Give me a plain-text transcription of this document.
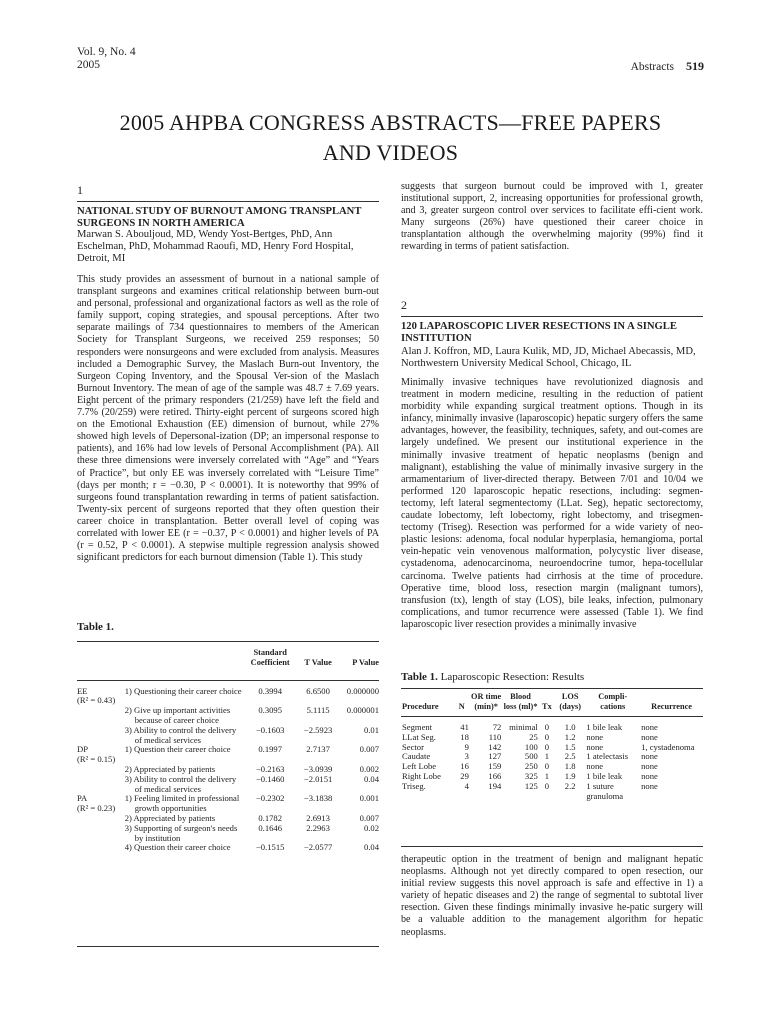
Vol. 9, No. 4
2005	Abstracts 519
2005 AHPBA CONGRESS ABSTRACTS—FREE PAPERS
AND VIDEOS
1
NATIONAL STUDY OF BURNOUT AMONG TRANSPLANT SURGEONS IN NORTH AMERICA
Marwan S. Abouljoud, MD, Wendy Yost-Bertges, PhD, Ann Eschelman, PhD, Mohammad Raoufi, MD, Henry Ford Hospital, Detroit, MI
This study provides an assessment of burnout in a national sample of transplant surgeons and examines critical relationship between burn-out and personal, professional and organizational factors as well as the role of family support, coping strategies, and spousal perceptions. After two separate mailings of 734 questionnaires to members of the American Society for Transplant Surgeons, we received 259 responses; 50 responders were nonsurgeons and were excluded from analysis. Measures included a Demographic Survey, the Maslach Burn-out Inventory, the Surgeon Coping Inventory, and the Spousal Ver-sion of the Maslach Burnout Inventory. The mean of age of the sample was 48.7 ± 7.69 years. Eight percent of the primary responders (21/259) have left the field and 7.7% (20/259) were retired. Thirty-eight percent of surgeons scored high on the Emotional Exhaustion (EE) dimension of burnout, while 27% showed high levels of Depersonal-ization (DP; an impersonal response to patients), and 16% had low levels of Personal Accomplishment (PA). All these three dimensions were inversely correlated with “Age” and “Years of Practice”, but only EE was inversely correlated with “Leisure Time” (days per month; r = −0.30, P < 0.0001). It is noteworthy that 99% of surgeons found transplantation rewarding in terms of patient satisfaction. Twenty-six percent of surgeons reported that they often question their career choice in transplantation. Better overall level of coping was correlated with lower EE (r = −0.37, P < 0.0001) and higher levels of PA (r = 0.52, P < 0.0001). A stepwise multiple regression analysis showed significant predictors for each burnout dimension (Table 1). This study
Table 1.
		Standard Coefficient	T Value	P Value

EE
(R² = 0.43)	1) Questioning their career choice	0.3994	6.6500	0.000000

	2) Give up important activities because of career choice	0.3095	5.1115	0.000001

	3) Ability to control the delivery of medical services	−0.1603	−2.5923	0.01

DP
(R² = 0.15)	1) Question their career choice	0.1997	2.7137	0.007

	2) Appreciated by patients	−0.2163	−3.0939	0.002

	3) Ability to control the delivery of medical services	−0.1460	−2.0151	0.04

PA
(R² = 0.23)	1) Feeling limited in professional growth opportunities	−0.2302	−3.1838	0.001

	2) Appreciated by patients	0.1782	2.6913	0.007

	3) Supporting of surgeon's needs by institution	0.1646	2.2963	0.02

	4) Question their career choice	−0.1515	−2.0577	0.04
suggests that surgeon burnout could be improved with 1, greater institutional support, 2, increasing opportunities for professional growth, and 3, greater surgeon control over services to facilitate effi-cient work. Many surgeons (26%) have questioned their career choice in transplantation although the overwhelming majority (99%) find it rewarding in terms of patient satisfaction.
2
120 LAPAROSCOPIC LIVER RESECTIONS IN A SINGLE INSTITUTION
Alan J. Koffron, MD, Laura Kulik, MD, JD, Michael Abecassis, MD, Northwestern University Medical School, Chicago, IL
Minimally invasive techniques have revolutionized diagnosis and treatment in modern medicine, resulting in the reduction of patient morbidity while expanding surgical treatment options. Though in its infancy, minimally invasive (laparoscopic) hepatic surgery offers the same advantages, however, the feasibility, techniques, safety, and out-comes are largely undefined. We present our institutional experience in the minimally invasive treatment of hepatic neoplasms (benign and malignant), establishing the value of minimally invasive surgery in the armamentarium of liver-directed therapy. Between 7/01 and 10/04 we performed 120 laparoscopic hepatic resections, including: segmen-tectomy, left lateral segmentectomy (LLat. Seg), hepatic sectorectomy, caudate lobectomy, left lobectomy, right lobectomy, and trisegmen-tectomy (Triseg). Resection was performed for a wide variety of neo-plastic lesions: adenoma, focal nodular hyperplasia, hemangioma, portal vein-hepatic vein venovenous malformation, polycystic liver disease, cystadenoma, adenocarcinoma, neuroendocrine tumor, hepa-tocellular carcinoma. Twelve patients had cirrhosis at the time of procedure. Operative time, blood loss, resection margin (malignant tumors), transfusion (tx), length of stay (LOS), bile leaks, infection, pulmonary complications, and tumor recurrence were assessed (Table 1). We find laparoscopic liver resection provides a minimally invasive
Table 1. Laparoscopic Resection: Results
Procedure	N	OR time (min)*	Blood loss (ml)*	Tx	LOS (days)	Compli-cations	Recurrence

Segment	41	72	minimal	0	1.0	1 bile leak	none
LLat Seg.	18	110	25	0	1.2	none	none
Sector	9	142	100	0	1.5	none	1, cystadenoma
Caudate	3	127	500	1	2.5	1 atelectasis	none
Left Lobe	16	159	250	0	1.8	none	none
Right Lobe	29	166	325	1	1.9	1 bile leak	none
Triseg.	4	194	125	0	2.2	1 suture granuloma	none
therapeutic option in the treatment of benign and malignant hepatic neoplasms. Although not yet directly compared to open resection, our initial review suggests this novel approach is safe and effective in 1) a variety of hepatic diseases and 2) the range of segmental to subtotal liver resection. Given these findings minimally invasive he-patic surgery will be a valuable addition to the management algorithm for hepatic neoplasms.
